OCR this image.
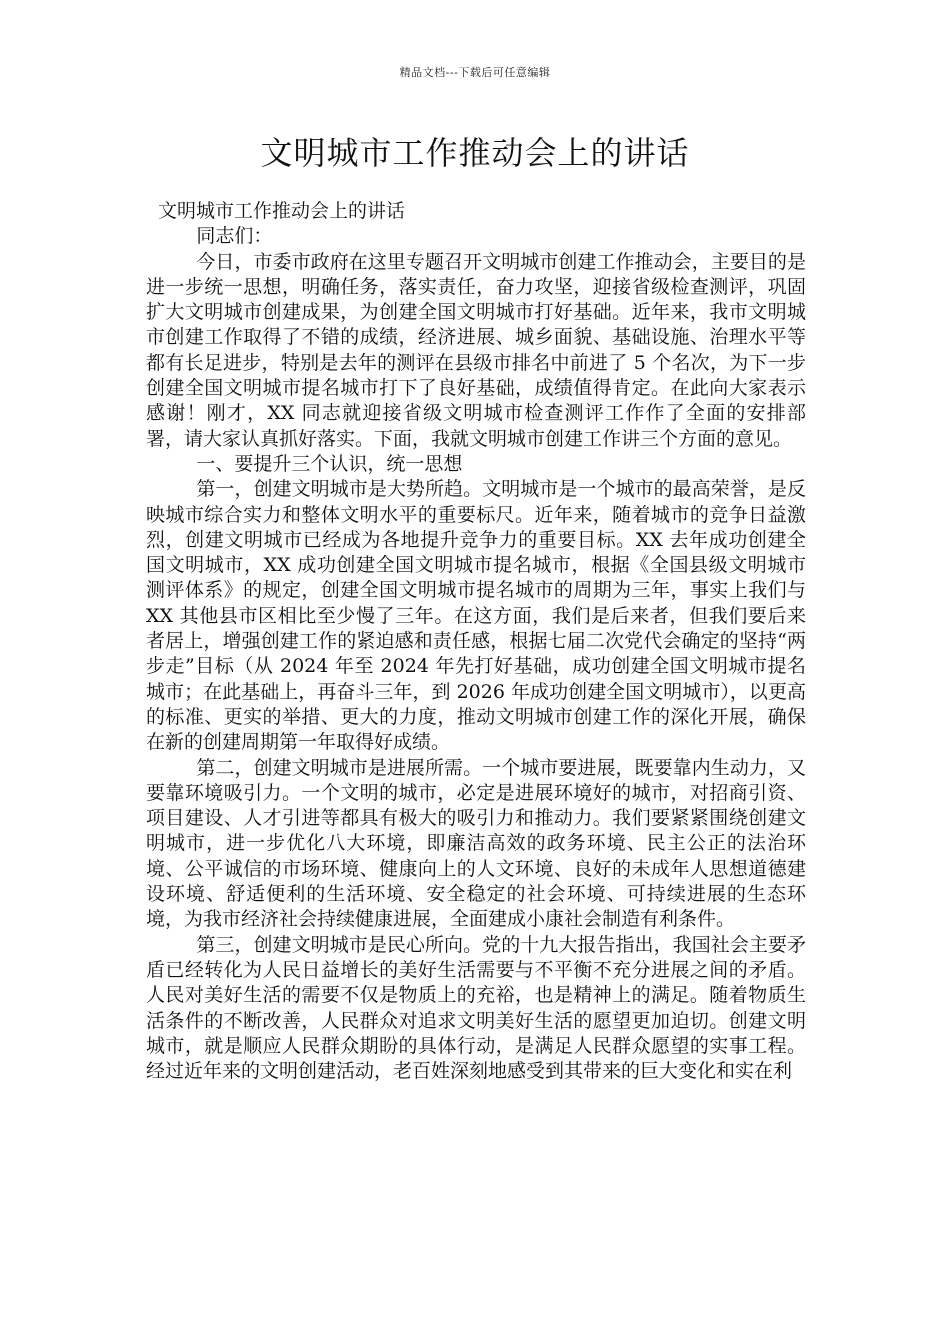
精品文档---下载后可任意编辑
文明城市工作推动会上的讲话

文明城市工作推动会上的讲话

同志们：

今日，市委市政府在这里专题召开文明城市创建工作推动会，主要目的是进一步统一思想，明确任务，落实责任，奋力攻坚，迎接省级检查测评，巩固扩大文明城市创建成果，为创建全国文明城市打好基础。近年来，我市文明城市创建工作取得了不错的成绩，经济进展、城乡面貌、基础设施、治理水平等都有长足进步，特别是去年的测评在县级市排名中前进了 5 个名次，为下一步创建全国文明城市提名城市打下了良好基础，成绩值得肯定。在此向大家表示感谢！刚才，XX 同志就迎接省级文明城市检查测评工作作了全面的安排部署，请大家认真抓好落实。下面，我就文明城市创建工作讲三个方面的意见。

一、要提升三个认识，统一思想

第一，创建文明城市是大势所趋。文明城市是一个城市的最高荣誉，是反映城市综合实力和整体文明水平的重要标尺。近年来，随着城市的竞争日益激烈，创建文明城市已经成为各地提升竞争力的重要目标。XX 去年成功创建全国文明城市，XX 成功创建全国文明城市提名城市，根据《全国县级文明城市测评体系》的规定，创建全国文明城市提名城市的周期为三年，事实上我们与 XX 其他县市区相比至少慢了三年。在这方面，我们是后来者，但我们要后来者居上，增强创建工作的紧迫感和责任感，根据七届二次党代会确定的坚持“两步走”目标（从 2024 年至 2024 年先打好基础，成功创建全国文明城市提名城市；在此基础上，再奋斗三年，到 2026 年成功创建全国文明城市），以更高的标准、更实的举措、更大的力度，推动文明城市创建工作的深化开展，确保在新的创建周期第一年取得好成绩。

第二，创建文明城市是进展所需。一个城市要进展，既要靠内生动力，又要靠环境吸引力。一个文明的城市，必定是进展环境好的城市，对招商引资、项目建设、人才引进等都具有极大的吸引力和推动力。我们要紧紧围绕创建文明城市，进一步优化八大环境，即廉洁高效的政务环境、民主公正的法治环境、公平诚信的市场环境、健康向上的人文环境、良好的未成年人思想道德建设环境、舒适便利的生活环境、安全稳定的社会环境、可持续进展的生态环境，为我市经济社会持续健康进展，全面建成小康社会制造有利条件。

第三，创建文明城市是民心所向。党的十九大报告指出，我国社会主要矛盾已经转化为人民日益增长的美好生活需要与不平衡不充分进展之间的矛盾。人民对美好生活的需要不仅是物质上的充裕，也是精神上的满足。随着物质生活条件的不断改善，人民群众对追求文明美好生活的愿望更加迫切。创建文明城市，就是顺应人民群众期盼的具体行动，是满足人民群众愿望的实事工程。经过近年来的文明创建活动，老百姓深刻地感受到其带来的巨大变化和实在利
